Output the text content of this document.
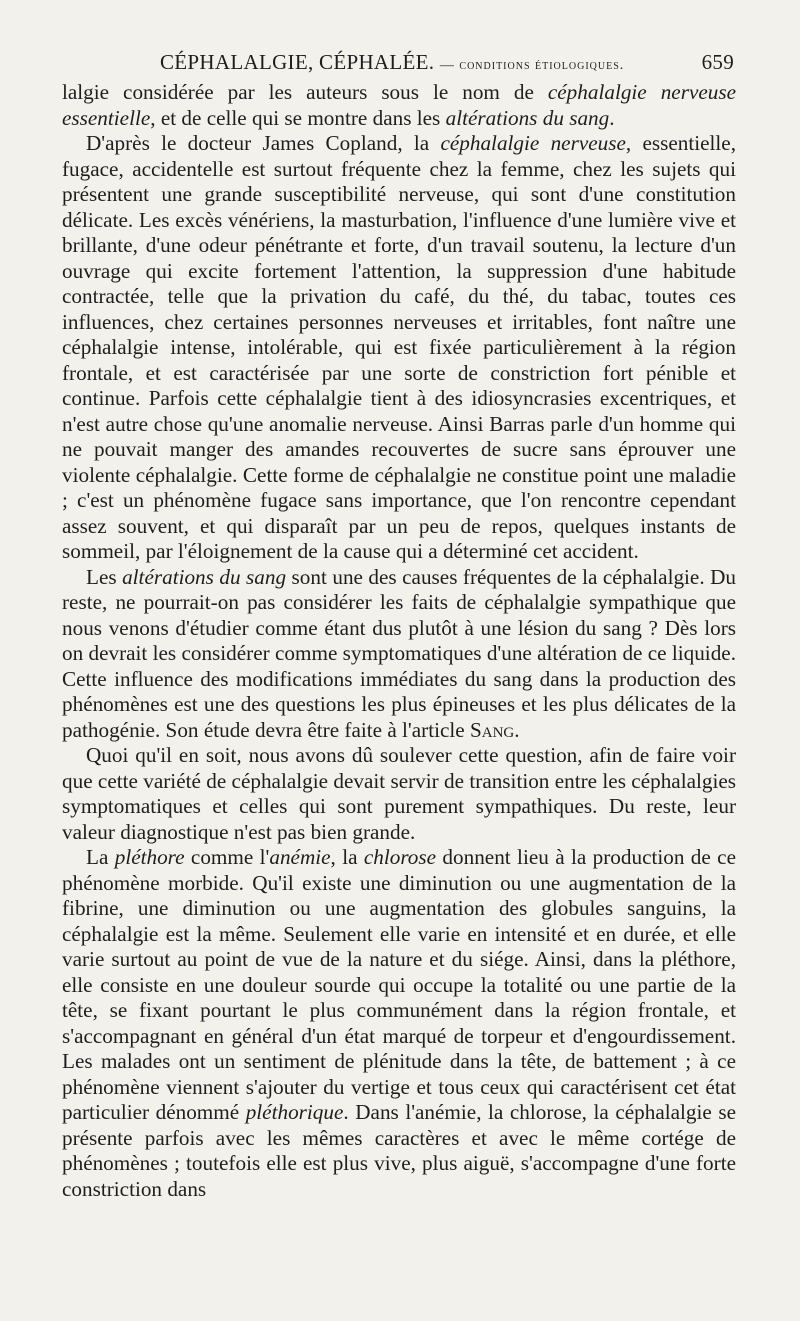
CÉPHALALGIE, CÉPHALÉE. — conditions étiologiques.	659

lalgie considérée par les auteurs sous le nom de céphalalgie nerveuse essentielle, et de celle qui se montre dans les altérations du sang.

D'après le docteur James Copland, la céphalalgie nerveuse, essentielle, fugace, accidentelle est surtout fréquente chez la femme, chez les sujets qui présentent une grande susceptibilité nerveuse, qui sont d'une constitution délicate. Les excès vénériens, la masturbation, l'influence d'une lumière vive et brillante, d'une odeur pénétrante et forte, d'un travail soutenu, la lecture d'un ouvrage qui excite fortement l'attention, la suppression d'une habitude contractée, telle que la privation du café, du thé, du tabac, toutes ces influences, chez certaines personnes nerveuses et irritables, font naître une céphalalgie intense, intolérable, qui est fixée particulièrement à la région frontale, et est caractérisée par une sorte de constriction fort pénible et continue. Parfois cette céphalalgie tient à des idiosyncrasies excentriques, et n'est autre chose qu'une anomalie nerveuse. Ainsi Barras parle d'un homme qui ne pouvait manger des amandes recouvertes de sucre sans éprouver une violente céphalalgie. Cette forme de céphalalgie ne constitue point une maladie ; c'est un phénomène fugace sans importance, que l'on rencontre cependant assez souvent, et qui disparaît par un peu de repos, quelques instants de sommeil, par l'éloignement de la cause qui a déterminé cet accident.

Les altérations du sang sont une des causes fréquentes de la céphalalgie. Du reste, ne pourrait-on pas considérer les faits de céphalalgie sympathique que nous venons d'étudier comme étant dus plutôt à une lésion du sang ? Dès lors on devrait les considérer comme symptomatiques d'une altération de ce liquide. Cette influence des modifications immédiates du sang dans la production des phénomènes est une des questions les plus épineuses et les plus délicates de la pathogénie. Son étude devra être faite à l'article Sang.

Quoi qu'il en soit, nous avons dû soulever cette question, afin de faire voir que cette variété de céphalalgie devait servir de transition entre les céphalalgies symptomatiques et celles qui sont purement sympathiques. Du reste, leur valeur diagnostique n'est pas bien grande.

La pléthore comme l'anémie, la chlorose donnent lieu à la production de ce phénomène morbide. Qu'il existe une diminution ou une augmentation de la fibrine, une diminution ou une augmentation des globules sanguins, la céphalalgie est la même. Seulement elle varie en intensité et en durée, et elle varie surtout au point de vue de la nature et du siége. Ainsi, dans la pléthore, elle consiste en une douleur sourde qui occupe la totalité ou une partie de la tête, se fixant pourtant le plus communément dans la région frontale, et s'accompagnant en général d'un état marqué de torpeur et d'engourdissement. Les malades ont un sentiment de plénitude dans la tête, de battement ; à ce phénomène viennent s'ajouter du vertige et tous ceux qui caractérisent cet état particulier dénommé pléthorique. Dans l'anémie, la chlorose, la céphalalgie se présente parfois avec les mêmes caractères et avec le même cortége de phénomènes ; toutefois elle est plus vive, plus aiguë, s'accompagne d'une forte constriction dans
